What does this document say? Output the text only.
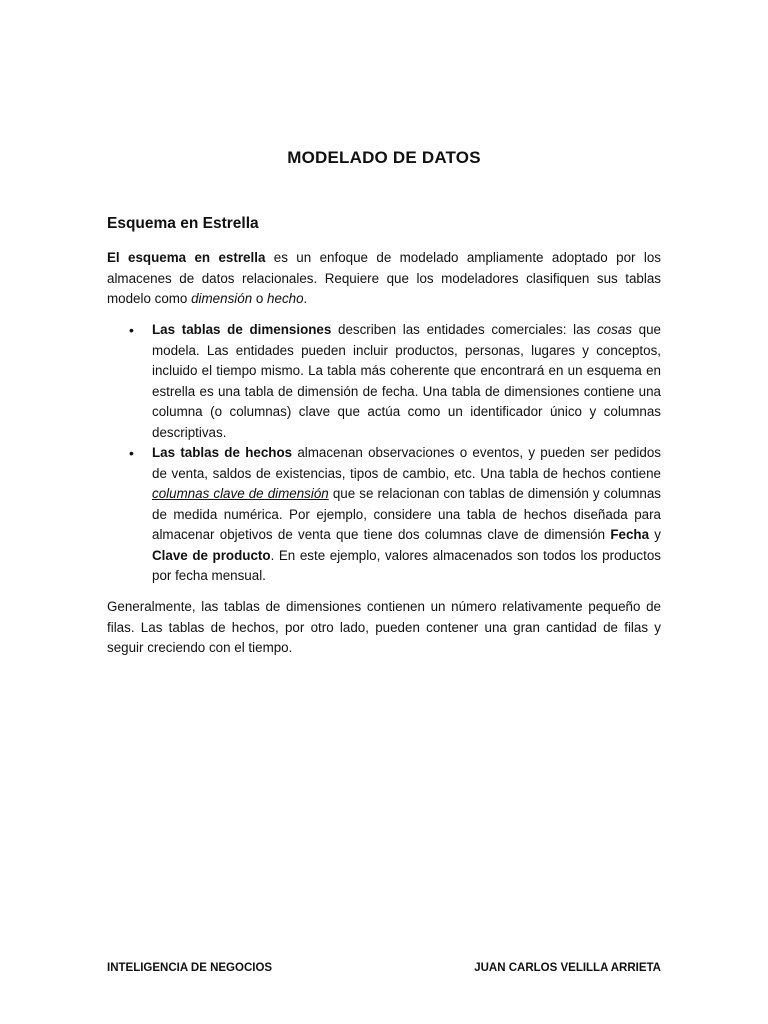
MODELADO DE DATOS
Esquema en Estrella

El esquema en estrella es un enfoque de modelado ampliamente adoptado por los almacenes de datos relacionales. Requiere que los modeladores clasifiquen sus tablas modelo como dimensión o hecho.

• Las tablas de dimensiones describen las entidades comerciales: las cosas que modela. Las entidades pueden incluir productos, personas, lugares y conceptos, incluido el tiempo mismo. La tabla más coherente que encontrará en un esquema en estrella es una tabla de dimensión de fecha. Una tabla de dimensiones contiene una columna (o columnas) clave que actúa como un identificador único y columnas descriptivas.

• Las tablas de hechos almacenan observaciones o eventos, y pueden ser pedidos de venta, saldos de existencias, tipos de cambio, etc. Una tabla de hechos contiene columnas clave de dimensión que se relacionan con tablas de dimensión y columnas de medida numérica. Por ejemplo, considere una tabla de hechos diseñada para almacenar objetivos de venta que tiene dos columnas clave de dimensión Fecha y Clave de producto. En este ejemplo, valores almacenados son todos los productos por fecha mensual.

Generalmente, las tablas de dimensiones contienen un número relativamente pequeño de filas. Las tablas de hechos, por otro lado, pueden contener una gran cantidad de filas y seguir creciendo con el tiempo.

INTELIGENCIA DE NEGOCIOS	JUAN CARLOS VELILLA ARRIETA
